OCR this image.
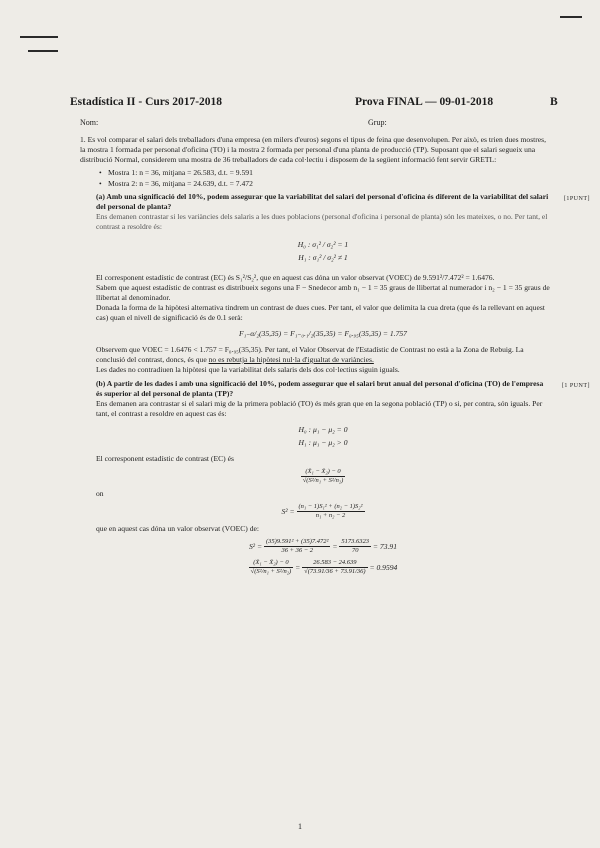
Estadística II - Curs 2017-2018	Prova FINAL — 09-01-2018	B
Nom:	Grup:

1. Es vol comparar el salari dels treballadors d'una empresa (en milers d'euros) segons el tipus de feina que desenvolupen. Per això, es trien dues mostres, la mostra 1 formada per personal d'oficina (TO) i la mostra 2 formada per personal d'una planta de producció (TP). Suposant que el salari segueix una distribució Normal, considerem una mostra de 36 treballadors de cada col·lectiu i disposem de la següent informació fent servir GRETL:

• Mostra 1: n = 36, mitjana = 26.583, d.t. = 9.591
• Mostra 2: n = 36, mitjana = 24.639, d.t. = 7.472
[1PUNT]

(a) Amb una significació del 10%, podem assegurar que la variabilitat del salari del personal d'oficina és diferent de la variabilitat del salari del personal de planta?

Ens demanen contrastar si les variàncies dels salaris a les dues poblacions (personal d'oficina i personal de planta) són les mateixes, o no. Per tant, el contrast a resoldre és:

H₀ : σ₁² / σ₂² = 1

H₁ : σ₁² / σ₂² ≠ 1

El corresponent estadístic de contrast (EC) és S₁²/S₂², que en aquest cas dóna un valor observat (VOEC) de 9.591²/7.472² = 1.6476.

Sabem que aquest estadístic de contrast es distribueix segons una F − Snedecor amb n₁ − 1 = 35 graus de llibertat al numerador i n₂ − 1 = 35 graus de llibertat al denominador.

Donada la forma de la hipòtesi alternativa tindrem un contrast de dues cues. Per tant, el valor que delimita la cua dreta (que és la rellevant en aquest cas) quan el nivell de significació és de 0.1 serà:

F₁₋α/₂(35,35) = F₁₋₀.₁/₂(35,35) = F₀.₉₅(35,35) = 1.757

Observem que VOEC = 1.6476 < 1.757 = F₀.₉₅(35,35). Per tant, el Valor Observat de l'Estadístic de Contrast no està a la Zona de Rebuig. La conclusió del contrast, doncs, és que no es rebutja la hipòtesi nul·la d'igualtat de variàncies.

Les dades no contradiuen la hipòtesi que la variabilitat dels salaris dels dos col·lectius siguin iguals.

[1 PUNT]

(b) A partir de les dades i amb una significació del 10%, podem assegurar que el salari brut anual del personal d'oficina (TO) de l'empresa és superior al del personal de planta (TP)?

Ens demanen ara contrastar si el salari mig de la primera població (TO) és més gran que en la segona població (TP) o si, per contra, són iguals. Per tant, el contrast a resoldre en aquest cas és:

H₀ : μ₁ − μ₂ = 0

H₁ : μ₁ − μ₂ > 0

El corresponent estadístic de contrast (EC) és

$\frac{\text{(X̄₁ − X̄₂) − 0}}{\text{√(S²/n₁ + S²/n₂)}}$

on

$S^2 = \frac{\text{(n₁ − 1)S₁² + (n₂ − 1)S₂²}}{\text{n₁ + n₂ − 2}}$

que en aquest cas dóna un valor observat (VOEC) de:

$S^2 = \frac{\text{(35)9.591² + (35)7.472²}}{36 + 36 - 2} = \frac{5173.6323}{70} = 73.91$
$\frac{\text{(X̄₁ − X̄₂) − 0}}{\text{√(S²/n₁ + S²/n₂)}} = \frac{26.583 - 24.639}{√(73.91/36 + 73.91/36)} = 0.9594$
1
